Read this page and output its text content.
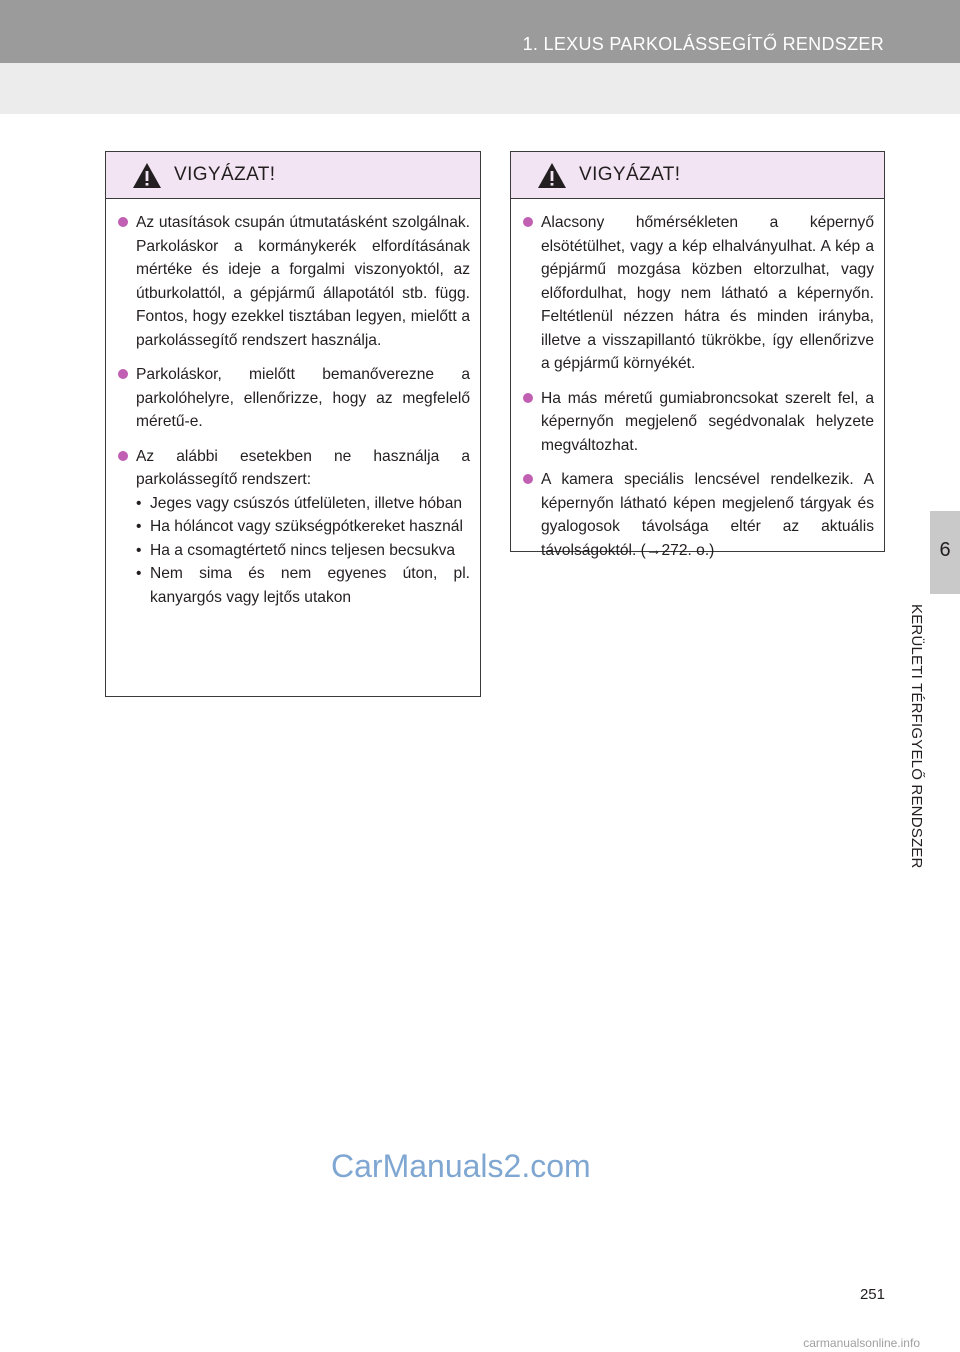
1. LEXUS PARKOLÁSSEGÍTŐ RENDSZER
6
KERÜLETI TÉRFIGYELŐ RENDSZER
VIGYÁZAT!
Az utasítások csupán útmutatásként szolgálnak. Parkoláskor a kormánykerék elfordításának mértéke és ideje a forgalmi viszonyoktól, az útburkolattól, a gépjármű állapotától stb. függ. Fontos, hogy ezekkel tisztában legyen, mielőtt a parkolássegítő rendszert használja.
Parkoláskor, mielőtt bemanőverezne a parkolóhelyre, ellenőrizze, hogy az megfelelő méretű-e.
Az alábbi esetekben ne használja a parkolássegítő rendszert:
• Jeges vagy csúszós útfelületen, illetve hóban
• Ha hóláncot vagy szükségpótkereket használ
• Ha a csomagtértető nincs teljesen becsukva
• Nem sima és nem egyenes úton, pl. kanyargós vagy lejtős utakon
VIGYÁZAT!
Alacsony hőmérsékleten a képernyő elsötétülhet, vagy a kép elhalványulhat. A kép a gépjármű mozgása közben eltorzulhat, vagy előfordulhat, hogy nem látható a képernyőn. Feltétlenül nézzen hátra és minden irányba, illetve a visszapillantó tükrökbe, így ellenőrizve a gépjármű környékét.
Ha más méretű gumiabroncsokat szerelt fel, a képernyőn megjelenő segédvonalak helyzete megváltozhat.
A kamera speciális lencsével rendelkezik. A képernyőn látható képen megjelenő tárgyak és gyalogosok távolsága eltér az aktuális távolságoktól. (→272. o.)
CarManuals2.com
251
carmanualsonline.info
